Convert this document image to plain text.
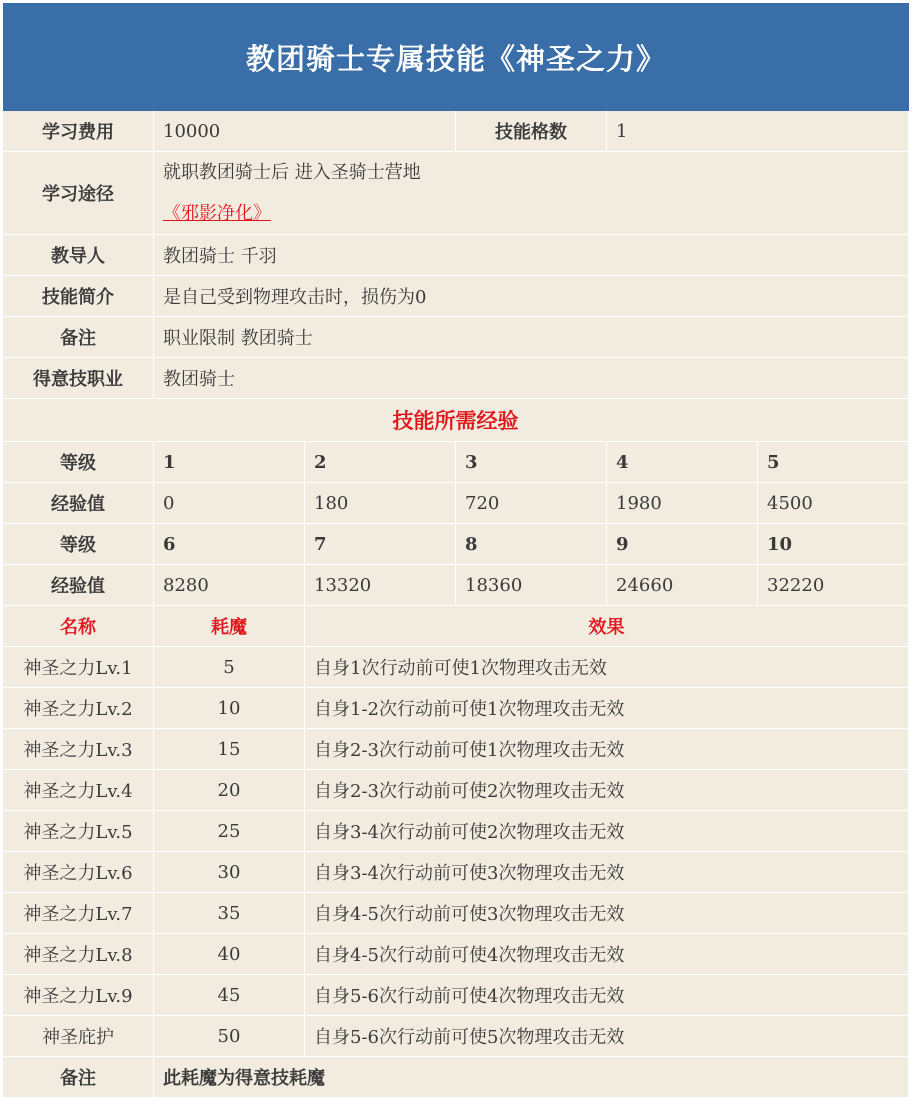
教团骑士专属技能《神圣之力》
学习费用	10000		技能格数	1	
学习途径	就职教团骑士后 进入圣骑士营地
《邪影净化》				

教导人	教团骑士 千羽				
技能简介	是自己受到物理攻击时，损伤为0				
备注	职业限制 教团骑士				
得意技职业	教团骑士				
技能所需经验					
等级	1	2	3	4	5
经验值	0	180	720	1980	4500
等级	6	7	8	9	10
经验值	8280	13320	18360	24660	32220
名称	耗魔	效果			
神圣之力Lv.1	5	自身1次行动前可使1次物理攻击无效			
神圣之力Lv.2	10	自身1-2次行动前可使1次物理攻击无效			
神圣之力Lv.3	15	自身2-3次行动前可使1次物理攻击无效			
神圣之力Lv.4	20	自身2-3次行动前可使2次物理攻击无效			
神圣之力Lv.5	25	自身3-4次行动前可使2次物理攻击无效			
神圣之力Lv.6	30	自身3-4次行动前可使3次物理攻击无效			
神圣之力Lv.7	35	自身4-5次行动前可使3次物理攻击无效			
神圣之力Lv.8	40	自身4-5次行动前可使4次物理攻击无效			
神圣之力Lv.9	45	自身5-6次行动前可使4次物理攻击无效			
神圣庇护	50	自身5-6次行动前可使5次物理攻击无效			
备注	此耗魔为得意技耗魔				
